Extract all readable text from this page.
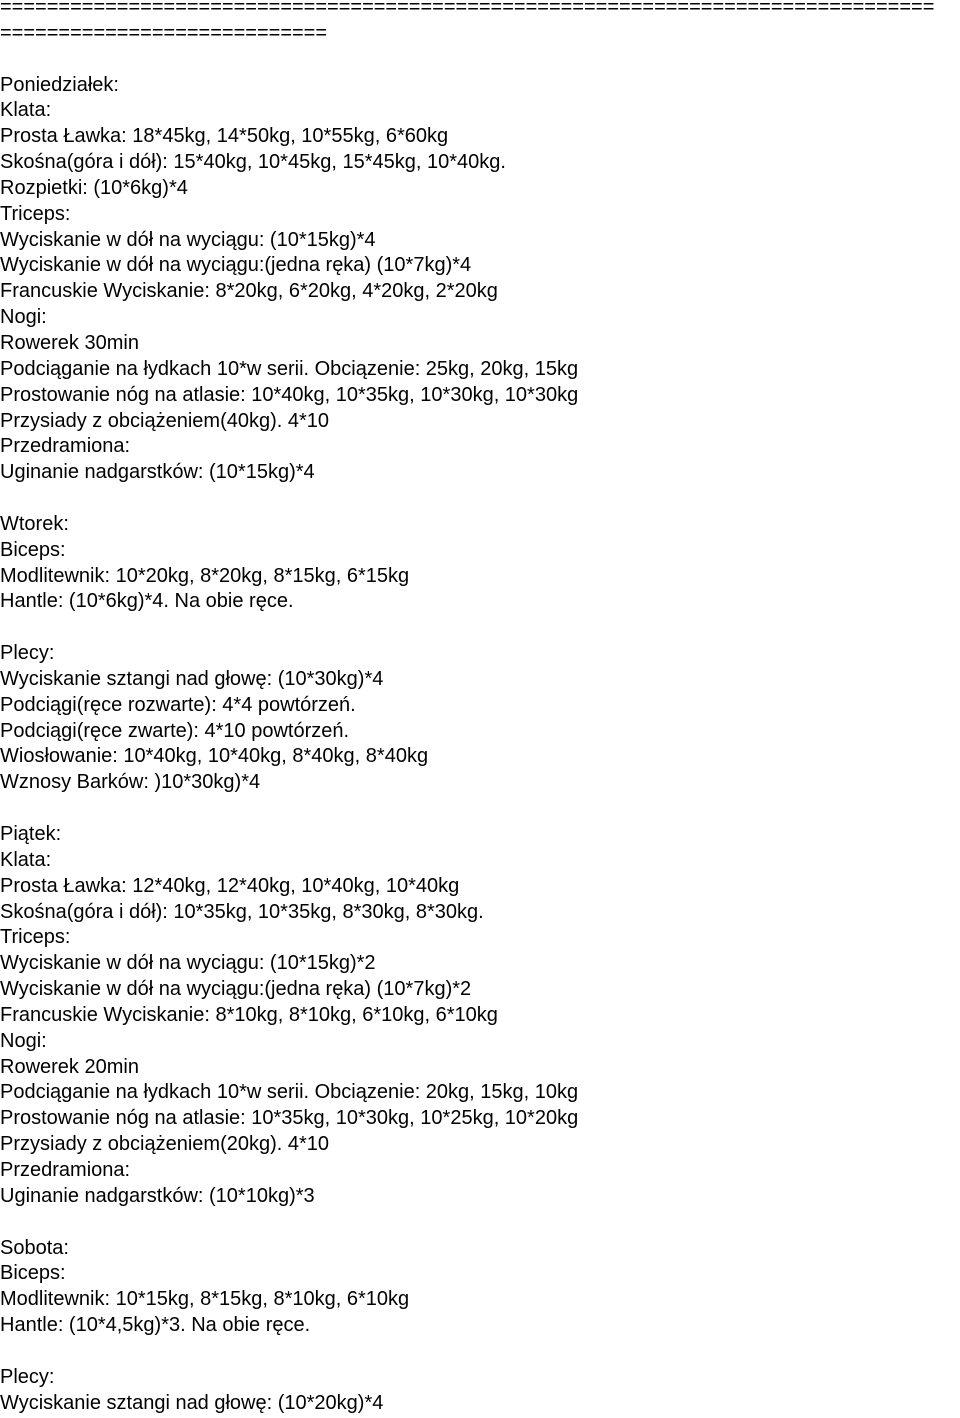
================================================================================
============================
Poniedziałek:
Klata:
Prosta Ławka: 18*45kg, 14*50kg, 10*55kg, 6*60kg
Skośna(góra i dół): 15*40kg, 10*45kg, 15*45kg, 10*40kg.
Rozpietki: (10*6kg)*4
Triceps:
Wyciskanie w dół na wyciągu: (10*15kg)*4
Wyciskanie w dół na wyciągu:(jedna ręka) (10*7kg)*4
Francuskie Wyciskanie: 8*20kg, 6*20kg, 4*20kg, 2*20kg
Nogi:
Rowerek 30min
Podciąganie na łydkach 10*w serii. Obciązenie: 25kg, 20kg, 15kg
Prostowanie nóg na atlasie: 10*40kg, 10*35kg, 10*30kg, 10*30kg
Przysiady z obciążeniem(40kg). 4*10
Przedramiona:
Uginanie nadgarstków: (10*15kg)*4
Wtorek:
Biceps:
Modlitewnik: 10*20kg, 8*20kg, 8*15kg, 6*15kg
Hantle: (10*6kg)*4. Na obie ręce.
Plecy:
Wyciskanie sztangi nad głowę: (10*30kg)*4
Podciągi(ręce rozwarte): 4*4 powtórzeń.
Podciągi(ręce zwarte): 4*10 powtórzeń.
Wiosłowanie: 10*40kg, 10*40kg, 8*40kg, 8*40kg
Wznosy Barków: )10*30kg)*4
Piątek:
Klata:
Prosta Ławka: 12*40kg, 12*40kg, 10*40kg, 10*40kg
Skośna(góra i dół): 10*35kg, 10*35kg, 8*30kg, 8*30kg.
Triceps:
Wyciskanie w dół na wyciągu: (10*15kg)*2
Wyciskanie w dół na wyciągu:(jedna ręka) (10*7kg)*2
Francuskie Wyciskanie: 8*10kg, 8*10kg, 6*10kg, 6*10kg
Nogi:
Rowerek 20min
Podciąganie na łydkach 10*w serii. Obciązenie: 20kg, 15kg, 10kg
Prostowanie nóg na atlasie: 10*35kg, 10*30kg, 10*25kg, 10*20kg
Przysiady z obciążeniem(20kg). 4*10
Przedramiona:
Uginanie nadgarstków: (10*10kg)*3
Sobota:
Biceps:
Modlitewnik: 10*15kg, 8*15kg, 8*10kg, 6*10kg
Hantle: (10*4,5kg)*3. Na obie ręce.
Plecy:
Wyciskanie sztangi nad głowę: (10*20kg)*4
